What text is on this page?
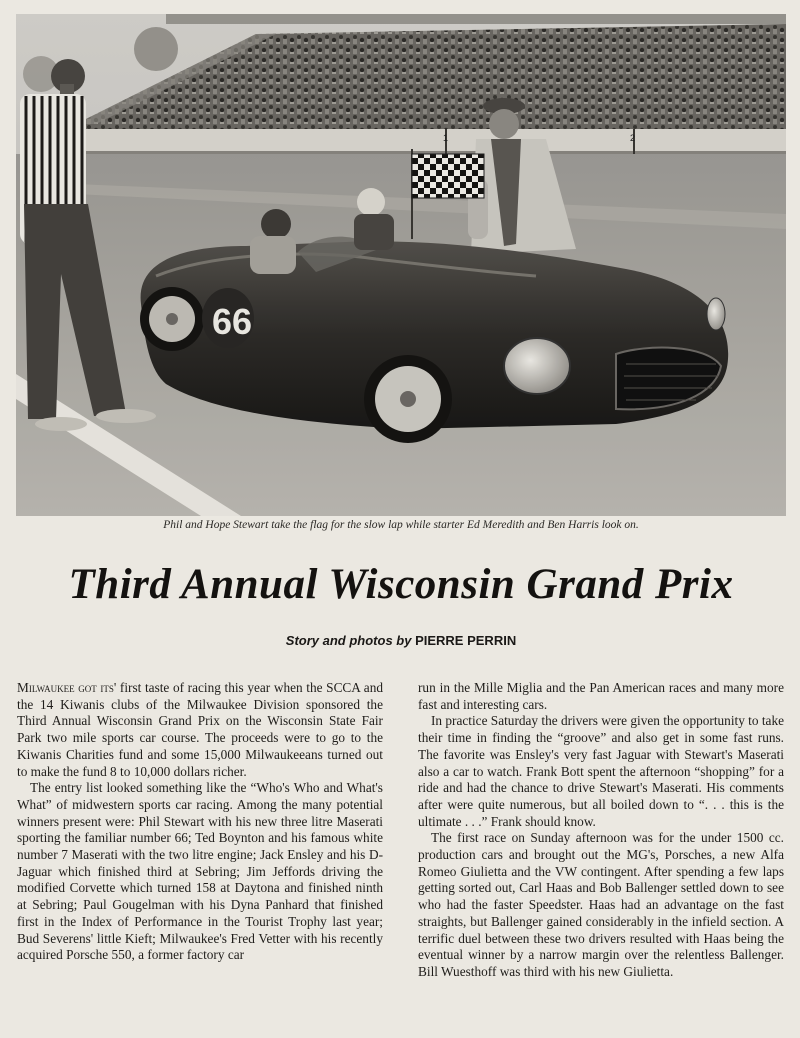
1	2
66
Phil and Hope Stewart take the flag for the slow lap while starter Ed Meredith and Ben Harris look on.
Third Annual Wisconsin Grand Prix
Story and photos by PIERRE PERRIN

Milwaukee got its' first taste of racing this year when the SCCA and the 14 Kiwanis clubs of the Milwaukee Division sponsored the Third Annual Wisconsin Grand Prix on the Wisconsin State Fair Park two mile sports car course. The proceeds were to go to the Kiwanis Charities fund and some 15,000 Milwaukeeans turned out to make the fund 8 to 10,000 dollars richer.

The entry list looked something like the “Who's Who and What's What” of midwestern sports car racing. Among the many potential winners present were: Phil Stewart with his new three litre Maserati sporting the familiar number 66; Ted Boynton and his famous white number 7 Maserati with the two litre engine; Jack Ensley and his D-Jaguar which finished third at Sebring; Jim Jeffords driving the modified Corvette which turned 158 at Daytona and finished ninth at Sebring; Paul Gougelman with his Dyna Panhard that finished first in the Index of Performance in the Tourist Trophy last year; Bud Severens' little Kieft; Milwaukee's Fred Vetter with his recently acquired Porsche 550, a former factory car

run in the Mille Miglia and the Pan American races and many more fast and interesting cars.

In practice Saturday the drivers were given the opportunity to take their time in finding the “groove” and also get in some fast runs. The favorite was Ensley's very fast Jaguar with Stewart's Maserati also a car to watch. Frank Bott spent the afternoon “shopping” for a ride and had the chance to drive Stewart's Maserati. His comments after were quite numerous, but all boiled down to “. . . this is the ultimate . . .” Frank should know.

The first race on Sunday afternoon was for the under 1500 cc. production cars and brought out the MG's, Porsches, a new Alfa Romeo Giulietta and the VW contingent. After spending a few laps getting sorted out, Carl Haas and Bob Ballenger settled down to see who had the faster Speedster. Haas had an advantage on the fast straights, but Ballenger gained considerably in the infield section. A terrific duel between these two drivers resulted with Haas being the eventual winner by a narrow margin over the relentless Ballenger. Bill Wuesthoff was third with his new Giulietta.
